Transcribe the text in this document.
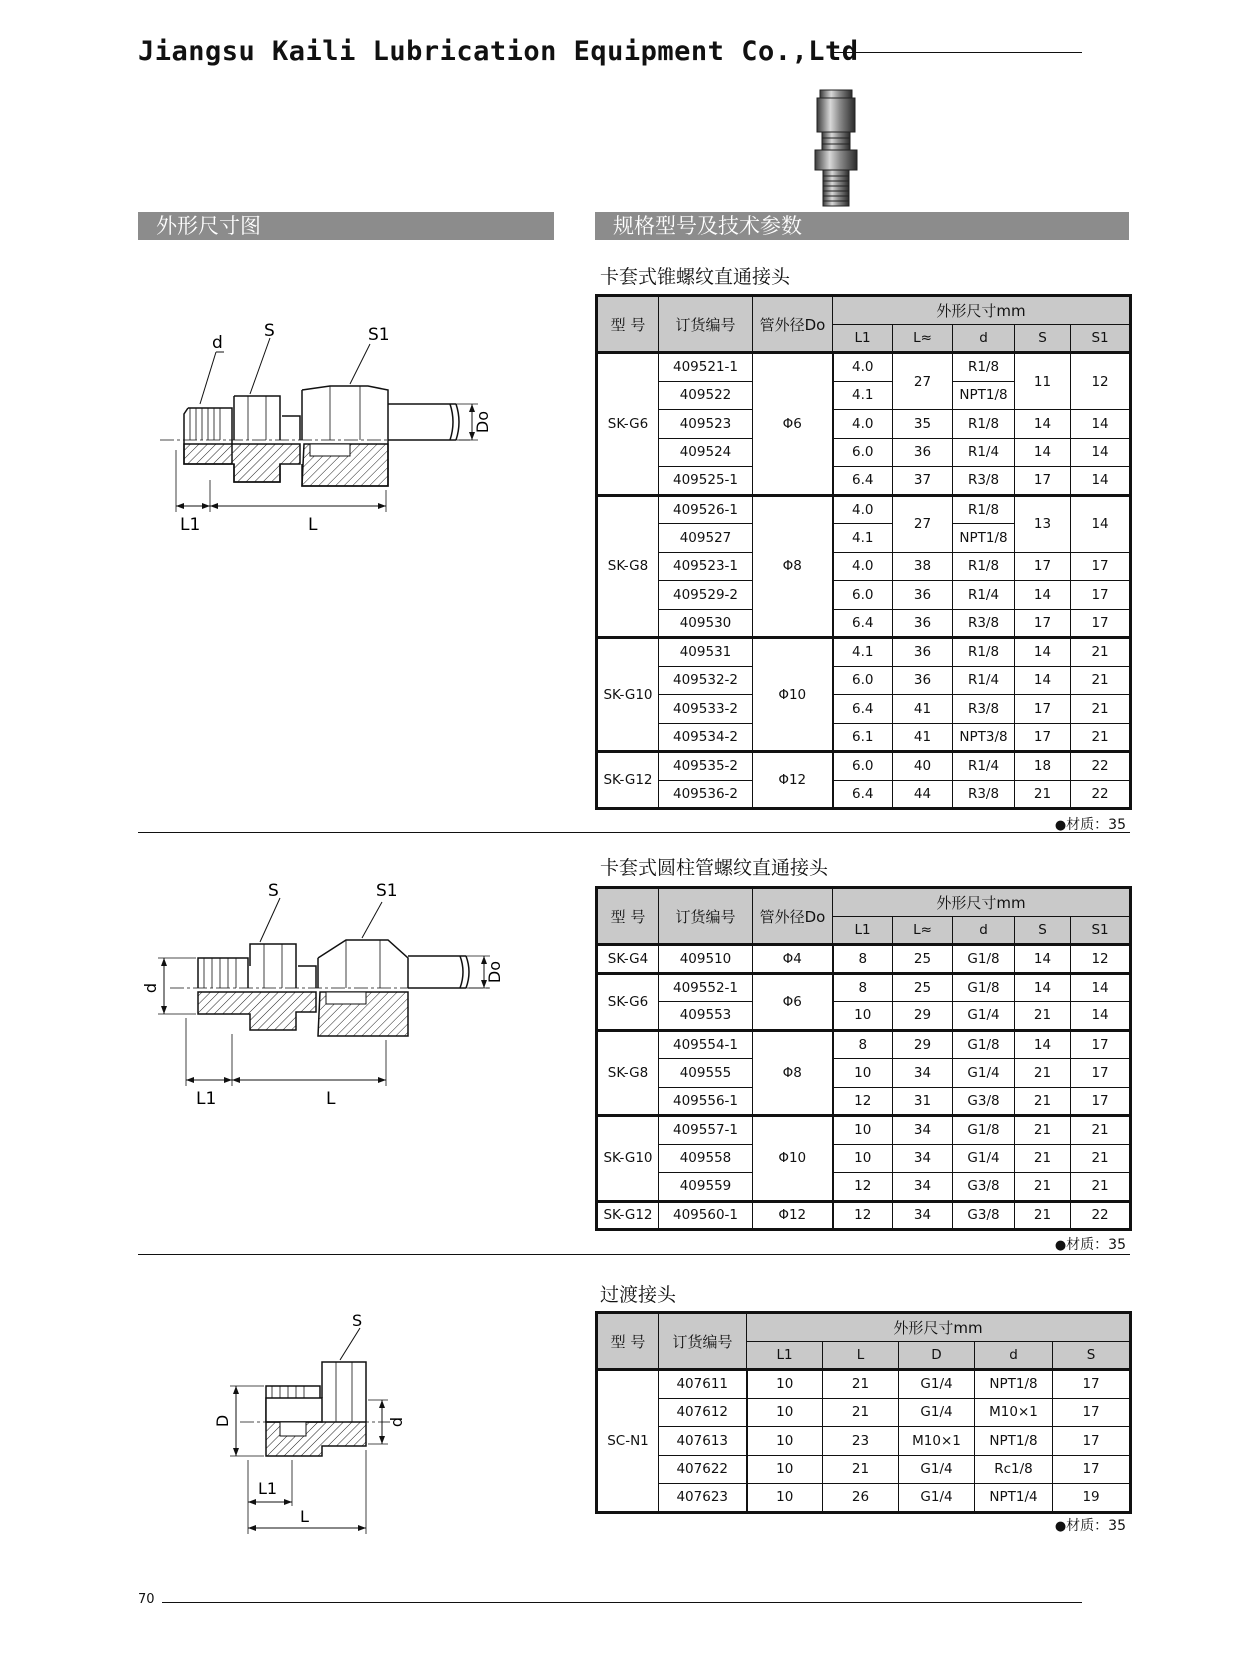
Jiangsu Kaili Lubrication Equipment Co.,Ltd
外形尺寸图	规格型号及技术参数
卡套式锥螺纹直通接头
d
S	S1
Do
L1	L
型 号	订货编号	管外径Do	外形尺寸mm				
			L1	L≈	d	S	S1
SK-G6	409521-1	Φ6	4.0	27	R1/8	11	12
	409522		4.1		NPT1/8		
	409523		4.0	35	R1/8	14	14
	409524		6.0	36	R1/4	14	14
	409525-1		6.4	37	R3/8	17	14
SK-G8	409526-1	Φ8	4.0	27	R1/8	13	14
	409527		4.1		NPT1/8		
	409523-1		4.0	38	R1/8	17	17
	409529-2		6.0	36	R1/4	14	17
	409530		6.4	36	R3/8	17	17
SK-G10	409531	Φ10	4.1	36	R1/8	14	21
	409532-2		6.0	36	R1/4	14	21
	409533-2		6.4	41	R3/8	17	21
	409534-2		6.1	41	NPT3/8	17	21
SK-G12	409535-2	Φ12	6.0	40	R1/4	18	22
	409536-2		6.4	44	R3/8	21	22
●材质：35
卡套式圆柱管螺纹直通接头
S	S1
d
Do
L1	L
型 号	订货编号	管外径Do	外形尺寸mm				
			L1	L≈	d	S	S1
SK-G4	409510	Φ4	8	25	G1/8	14	12
SK-G6	409552-1	Φ6	8	25	G1/8	14	14
	409553		10	29	G1/4	21	14
SK-G8	409554-1	Φ8	8	29	G1/8	14	17
	409555		10	34	G1/4	21	17
	409556-1		12	31	G3/8	21	17
SK-G10	409557-1	Φ10	10	34	G1/8	21	21
	409558		10	34	G1/4	21	21
	409559		12	34	G3/8	21	21
SK-G12	409560-1	Φ12	12	34	G3/8	21	22
●材质：35
过渡接头
S
D	d
L1
L
型 号	订货编号	外形尺寸mm				
		L1	L	D	d	S
SC-N1	407611	10	21	G1/4	NPT1/8	17
	407612	10	21	G1/4	M10×1	17
	407613	10	23	M10×1	NPT1/8	17
	407622	10	21	G1/4	Rc1/8	17
	407623	10	26	G1/4	NPT1/4	19
●材质：35
70
